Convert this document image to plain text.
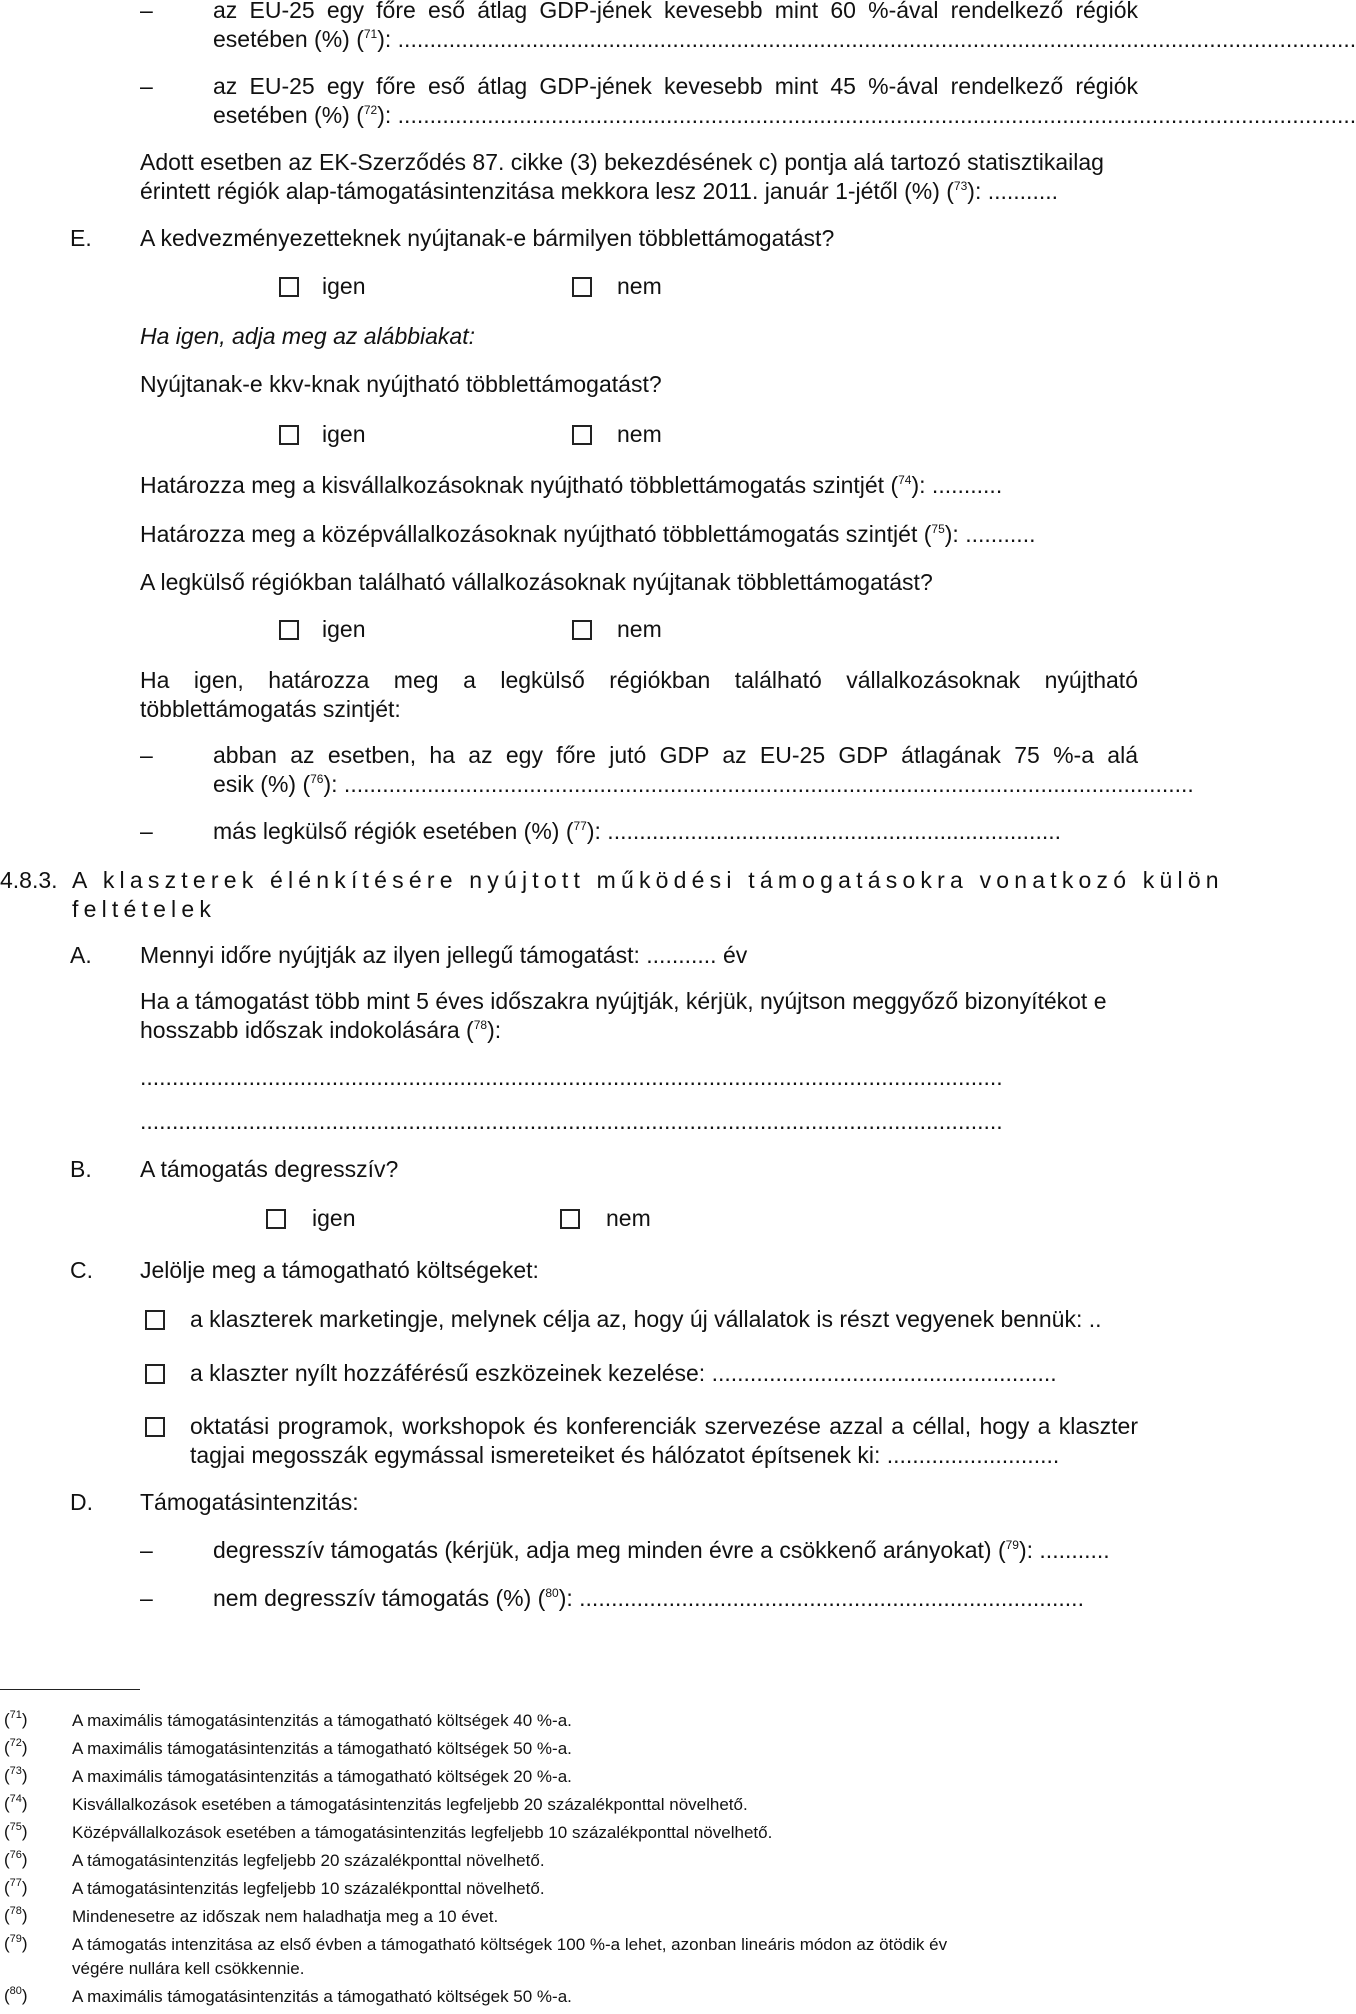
–	az EU-25 egy főre eső átlag GDP-jének kevesebb mint 60 %-ával rendelkező régiók
esetében (%) ($^{71}$): ......................................................................................................................................................
–	az EU-25 egy főre eső átlag GDP-jének kevesebb mint 45 %-ával rendelkező régiók
esetében (%) ($^{72}$): ......................................................................................................................................................
Adott esetben az EK-Szerződés 87. cikke (3) bekezdésének c) pontja alá tartozó statisztikailag
érintett régiók alap-támogatásintenzitása mekkora lesz 2011. január 1-jétől (%) ($^{73}$): ...........
E. A kedvezményezetteknek nyújtanak-e bármilyen többlettámogatást?
igen	nem
Ha igen, adja meg az alábbiakat:
Nyújtanak-e kkv-knak nyújtható többlettámogatást?
igen	nem
Határozza meg a kisvállalkozásoknak nyújtható többlettámogatás szintjét ($^{74}$): ...........
Határozza meg a középvállalkozásoknak nyújtható többlettámogatás szintjét ($^{75}$): ...........
A legkülső régiókban található vállalkozásoknak nyújtanak többlettámogatást?
igen	nem
Ha igen, határozza meg a legkülső régiókban található vállalkozásoknak nyújtható
többlettámogatás szintjét:
–	abban az esetben, ha az egy főre jutó GDP az EU-25 GDP átlagának 75 %-a alá
esik (%) ($^{76}$): .....................................................................................................................................
–	más legkülső régiók esetében (%) ($^{77}$): .......................................................................
4.8.3. A klaszterek élénkítésére nyújtott működési támogatásokra vonatkozó külön
feltételek
A. Mennyi időre nyújtják az ilyen jellegű támogatást: ........... év
Ha a támogatást több mint 5 éves időszakra nyújtják, kérjük, nyújtson meggyőző bizonyítékot e
hosszabb időszak indokolására ($^{78}$):
.......................................................................................................................................
.......................................................................................................................................
B. A támogatás degresszív?
igen	nem
C. Jelölje meg a támogatható költségeket:
a klaszterek marketingje, melynek célja az, hogy új vállalatok is részt vegyenek bennük: ..
a klaszter nyílt hozzáférésű eszközeinek kezelése: ......................................................
oktatási programok, workshopok és konferenciák szervezése azzal a céllal, hogy a klaszter
tagjai megosszák egymással ismereteiket és hálózatot építsenek ki: ...........................
D. Támogatásintenzitás:
–	degresszív támogatás (kérjük, adja meg minden évre a csökkenő arányokat) ($^{79}$): ...........
–	nem degresszív támogatás (%) ($^{80}$): ...............................................................................
($^{71}$)	A maximális támogatásintenzitás a támogatható költségek 40 %-a.
($^{72}$)	A maximális támogatásintenzitás a támogatható költségek 50 %-a.
($^{73}$)	A maximális támogatásintenzitás a támogatható költségek 20 %-a.
($^{74}$)	Kisvállalkozások esetében a támogatásintenzitás legfeljebb 20 százalékponttal növelhető.
($^{75}$)	Középvállalkozások esetében a támogatásintenzitás legfeljebb 10 százalékponttal növelhető.
($^{76}$)	A támogatásintenzitás legfeljebb 20 százalékponttal növelhető.
($^{77}$)	A támogatásintenzitás legfeljebb 10 százalékponttal növelhető.
($^{78}$)	Mindenesetre az időszak nem haladhatja meg a 10 évet.
($^{79}$)	A támogatás intenzitása az első évben a támogatható költségek 100 %-a lehet, azonban lineáris módon az ötödik év
végére nullára kell csökkennie.
($^{80}$)	A maximális támogatásintenzitás a támogatható költségek 50 %-a.
